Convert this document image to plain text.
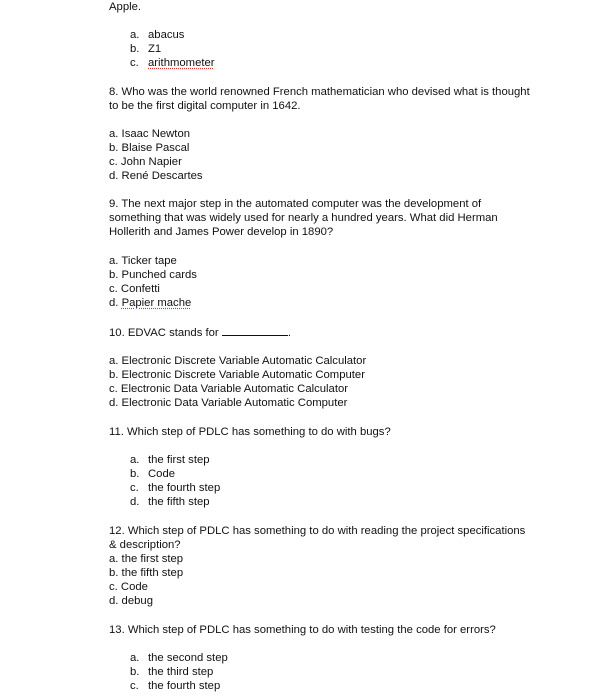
Apple.
a. abacus
b. Z1
c. arithmometer
8. Who was the world renowned French mathematician who devised what is thought
to be the first digital computer in 1642.
a. Isaac Newton
b. Blaise Pascal
c. John Napier
d. René Descartes
9. The next major step in the automated computer was the development of
something that was widely used for nearly a hundred years. What did Herman
Hollerith and James Power develop in 1890?
a. Ticker tape
b. Punched cards
c. Confetti
d. Papier mache
10. EDVAC stands for	.
a. Electronic Discrete Variable Automatic Calculator
b. Electronic Discrete Variable Automatic Computer
c. Electronic Data Variable Automatic Calculator
d. Electronic Data Variable Automatic Computer
11. Which step of PDLC has something to do with bugs?
a. the first step
b. Code
c. the fourth step
d. the fifth step
12. Which step of PDLC has something to do with reading the project specifications
& description?
a. the first step
b. the fifth step
c. Code
d. debug
13. Which step of PDLC has something to do with testing the code for errors?
a. the second step
b. the third step
c. the fourth step
